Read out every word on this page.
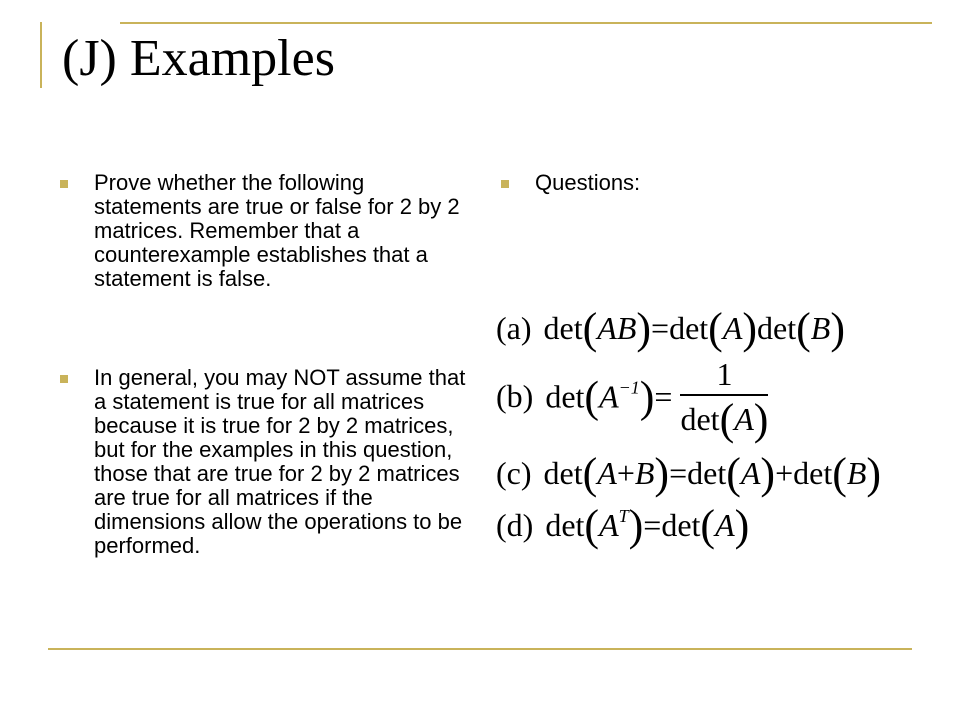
(J) Examples

Prove whether the following statements are true or false for 2 by 2 matrices. Remember that a counterexample establishes that a statement is false.

In general, you may NOT assume that a statement is true for all matrices because it is true for 2 by 2 matrices, but for the examples in this question, those that are true for 2 by 2 matrices are true for all matrices if the dimensions allow the operations to be performed.

Questions:

(a) det(AB)=det(A)det(B)
(b) $\det(A^{-1})= \frac{1}{\det(A)}$
(c) det(A+B)=det(A)+det(B)
(d) $\det(A^T)=\det(A)$
